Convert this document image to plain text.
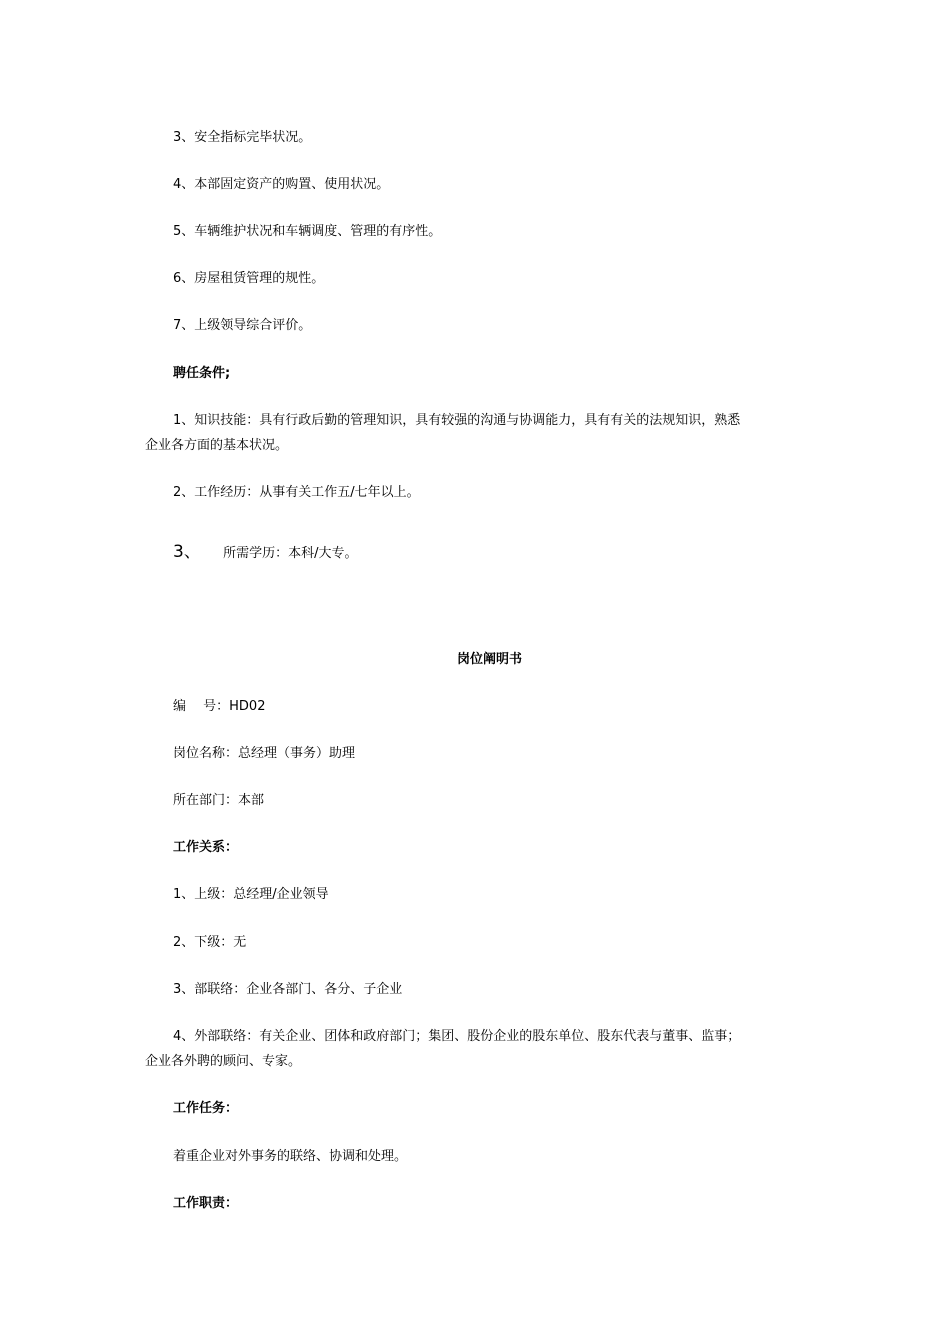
3、安全指标完毕状况。
4、本部固定资产的购置、使用状况。
5、车辆维护状况和车辆调度、管理的有序性。
6、房屋租赁管理的规性。
7、上级领导综合评价。
聘任条件;
1、知识技能：具有行政后勤的管理知识，具有较强的沟通与协调能力，具有有关的法规知识，熟悉
企业各方面的基本状况。
2、工作经历：从事有关工作五/七年以上。
3、 所需学历：本科/大专。
岗位阐明书
编　 号：HD02
岗位名称：总经理（事务）助理
所在部门：本部
工作关系：
1、上级：总经理/企业领导
2、下级：无
3、部联络：企业各部门、各分、子企业
4、外部联络：有关企业、团体和政府部门；集团、股份企业的股东单位、股东代表与董事、监事；
企业各外聘的顾问、专家。
工作任务：
着重企业对外事务的联络、协调和处理。
工作职责：
